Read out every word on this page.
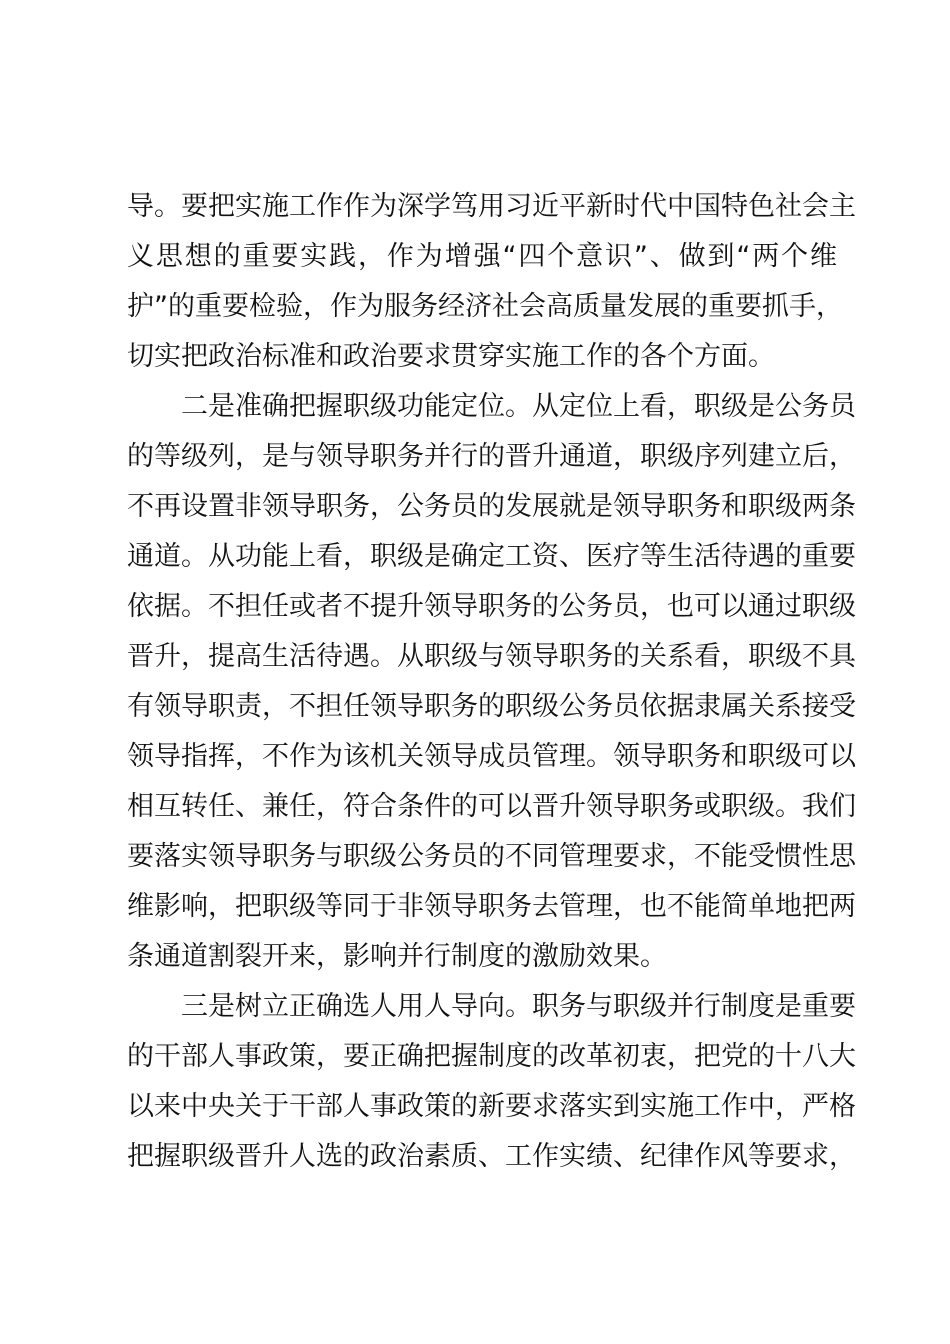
导。要把实施工作作为深学笃用习近平新时代中国特色社会主
义思想的重要实践，作为增强“四个意识”、做到“两个维
护”的重要检验，作为服务经济社会高质量发展的重要抓手，
切实把政治标准和政治要求贯穿实施工作的各个方面。
二是准确把握职级功能定位。从定位上看，职级是公务员
的等级列，是与领导职务并行的晋升通道，职级序列建立后，
不再设置非领导职务，公务员的发展就是领导职务和职级两条
通道。从功能上看，职级是确定工资、医疗等生活待遇的重要
依据。不担任或者不提升领导职务的公务员，也可以通过职级
晋升，提高生活待遇。从职级与领导职务的关系看，职级不具
有领导职责，不担任领导职务的职级公务员依据隶属关系接受
领导指挥，不作为该机关领导成员管理。领导职务和职级可以
相互转任、兼任，符合条件的可以晋升领导职务或职级。我们
要落实领导职务与职级公务员的不同管理要求，不能受惯性思
维影响，把职级等同于非领导职务去管理，也不能简单地把两
条通道割裂开来，影响并行制度的激励效果。
三是树立正确选人用人导向。职务与职级并行制度是重要
的干部人事政策，要正确把握制度的改革初衷，把党的十八大
以来中央关于干部人事政策的新要求落实到实施工作中，严格
把握职级晋升人选的政治素质、工作实绩、纪律作风等要求，
